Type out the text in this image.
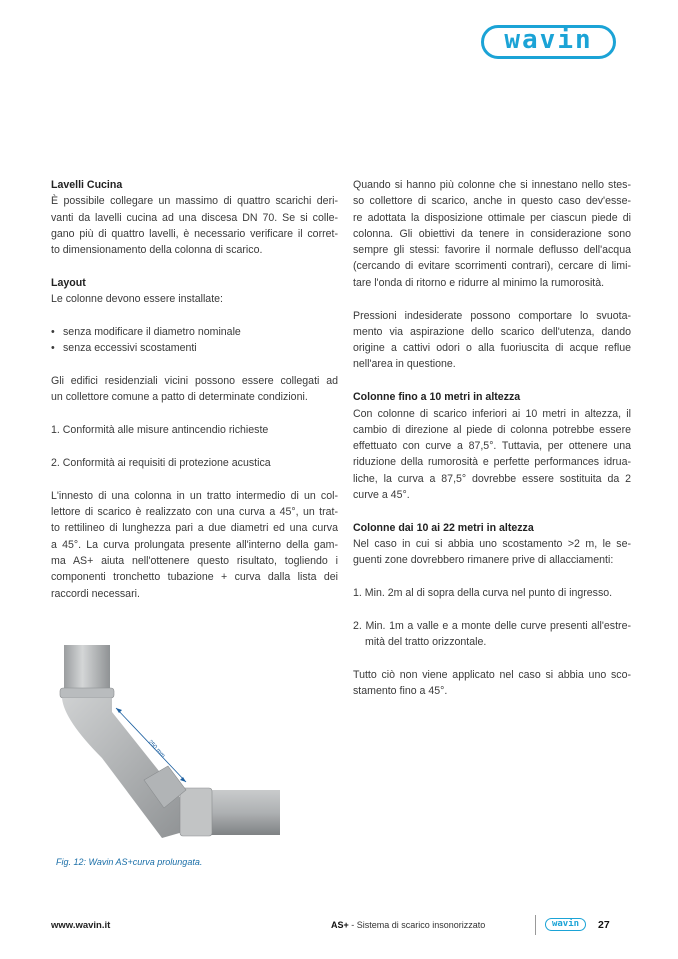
wavin
Lavelli Cucina
È possibile collegare un massimo di quattro scarichi deri-
vanti da lavelli cucina ad una discesa DN 70. Se si colle-
gano più di quattro lavelli, è necessario verificare il corret-
to dimensionamento della colonna di scarico.
Layout
Le colonne devono essere installate:
• senza modificare il diametro nominale
• senza eccessivi scostamenti
Gli edifici residenziali vicini possono essere collegati ad
un collettore comune a patto di determinate condizioni.
1. Conformità alle misure antincendio richieste
2. Conformità ai requisiti di protezione acustica
L'innesto di una colonna in un tratto intermedio di un col-
lettore di scarico è realizzato con una curva a 45°, un trat-
to rettilineo di lunghezza pari a due diametri ed una curva
a 45°. La curva prolungata presente all'interno della gam-
ma AS+ aiuta nell'ottenere questo risultato, togliendo i
componenti tronchetto tubazione + curva dalla lista dei
raccordi necessari.
Quando si hanno più colonne che si innestano nello stes-
so collettore di scarico, anche in questo caso dev'esse-
re adottata la disposizione ottimale per ciascun piede di
colonna. Gli obiettivi da tenere in considerazione sono
sempre gli stessi: favorire il normale deflusso dell'acqua
(cercando di evitare scorrimenti contrari), cercare di limi-
tare l'onda di ritorno e ridurre al minimo la rumorosità.
Pressioni indesiderate possono comportare lo svuota-
mento via aspirazione dello scarico dell'utenza, dando
origine a cattivi odori o alla fuoriuscita di acque reflue
nell'area in questione.
Colonne fino a 10 metri in altezza
Con colonne di scarico inferiori ai 10 metri in altezza, il
cambio di direzione al piede di colonna potrebbe essere
effettuato con curve a 87,5°. Tuttavia, per ottenere una
riduzione della rumorosità e perfette performances idrua-
liche, la curva a 87,5° dovrebbe essere sostituita da 2
curve a 45°.
Colonne dai 10 ai 22 metri in altezza
Nel caso in cui si abbia uno scostamento >2 m, le se-
guenti zone dovrebbero rimanere prive di allacciamenti:
1. Min. 2m al di sopra della curva nel punto di ingresso.
2. Min. 1m a valle e a monte delle curve presenti all'estre-
mità del tratto orizzontale.
Tutto ciò non viene applicato nel caso si abbia uno sco-
stamento fino a 45°.
250 mm
Fig. 12: Wavin AS+curva prolungata.
www.wavin.it	AS+ - Sistema di scarico insonorizzato	wavin	27
